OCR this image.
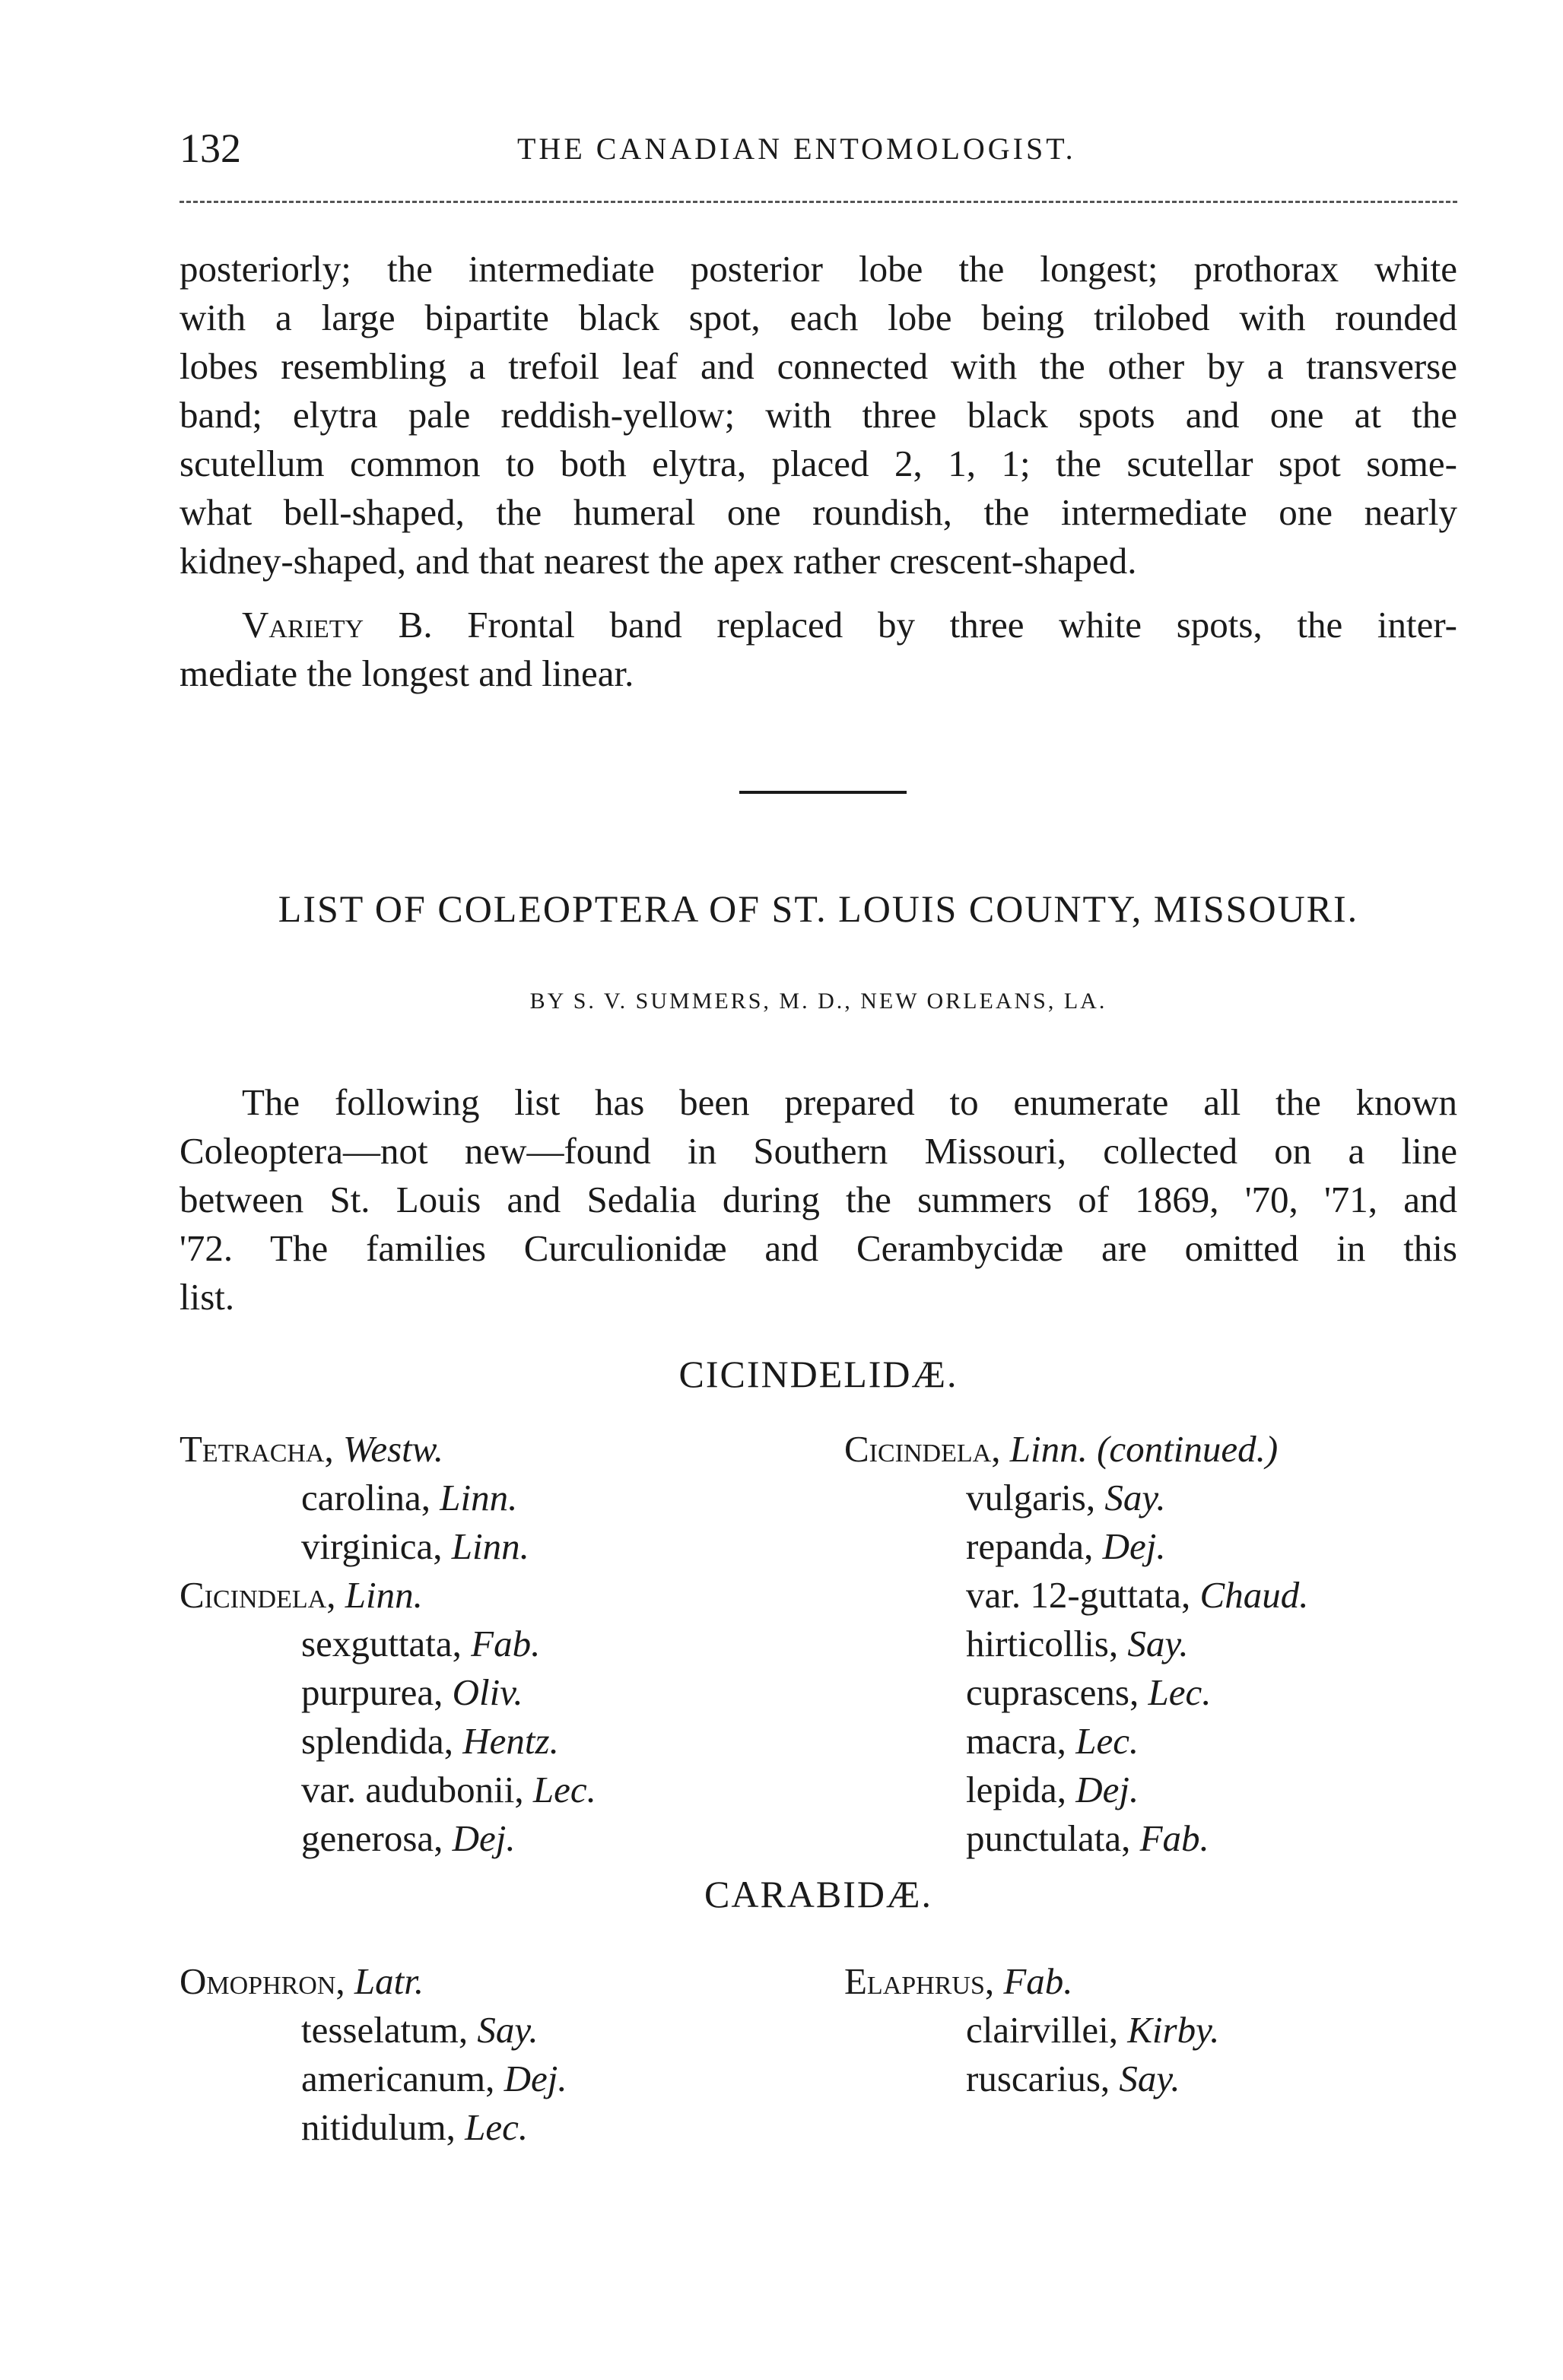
132	THE CANADIAN ENTOMOLOGIST.
posteriorly; the intermediate posterior lobe the longest; prothorax white
with a large bipartite black spot, each lobe being trilobed with rounded
lobes resembling a trefoil leaf and connected with the other by a transverse
band; elytra pale reddish-yellow; with three black spots and one at the
scutellum common to both elytra, placed 2, 1, 1; the scutellar spot some-
what bell-shaped, the humeral one roundish, the intermediate one nearly
kidney-shaped, and that nearest the apex rather crescent-shaped.
Variety B. Frontal band replaced by three white spots, the inter-
mediate the longest and linear.
LIST OF COLEOPTERA OF ST. LOUIS COUNTY, MISSOURI.
BY S. V. SUMMERS, M. D., NEW ORLEANS, LA.
The following list has been prepared to enumerate all the known
Coleoptera—not new—found in Southern Missouri, collected on a line
between St. Louis and Sedalia during the summers of 1869, '70, '71, and
'72. The families Curculionidæ and Cerambycidæ are omitted in this
list.
CICINDELIDÆ.
CARABIDÆ.
Tetracha, Westw.
carolina, Linn.
virginica, Linn.
Cicindela, Linn.
sexguttata, Fab.
purpurea, Oliv.
splendida, Hentz.
var. audubonii, Lec.
generosa, Dej.
Cicindela, Linn. (continued.)
vulgaris, Say.
repanda, Dej.
var. 12-guttata, Chaud.
hirticollis, Say.
cuprascens, Lec.
macra, Lec.
lepida, Dej.
punctulata, Fab.
Omophron, Latr.
tesselatum, Say.
americanum, Dej.
nitidulum, Lec.
Elaphrus, Fab.
clairvillei, Kirby.
ruscarius, Say.
